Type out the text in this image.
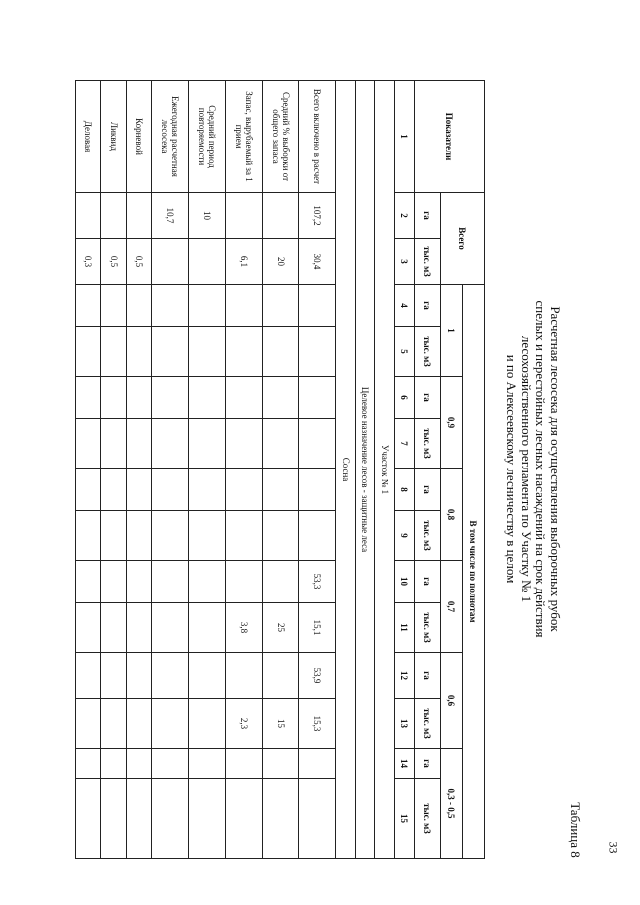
33
Таблица 8
Расчетная лесосека для осуществления выборочных рубок
спелых и перестойных лесных насаждений на срок действия
лесохозяйственного регламента по Участку № 1
и по Алексеевскому лесничеству в целом
Показатели	Всего		В том числе по полнотам											
			1		0,9		0,8		0,7		0,6		0,3 - 0,5	
	га	тыс. м3	га	тыс. м3	га	тыс. м3	га	тыс. м3	га	тыс. м3	га	тыс. м3	га	тыс. м3
1	2	3	4	5	6	7	8	9	10	11	12	13	14	15
Участок № 1														
Целевое назначение лесов - защитные леса														
Сосна														
Всего включено в расчет	107,2	30,4							53,3	15,1	53,9	15,3		
Средний % выборки от общего запаса		20								25		15		
Запас, вырубаемый за 1 прием		6,1								3,8		2,3		
Средний период повторяемости	10													
Ежегодная расчетная лесосека	10,7													
Корневой		0,5												
Ликвид		0,5												
Деловая		0,3												
